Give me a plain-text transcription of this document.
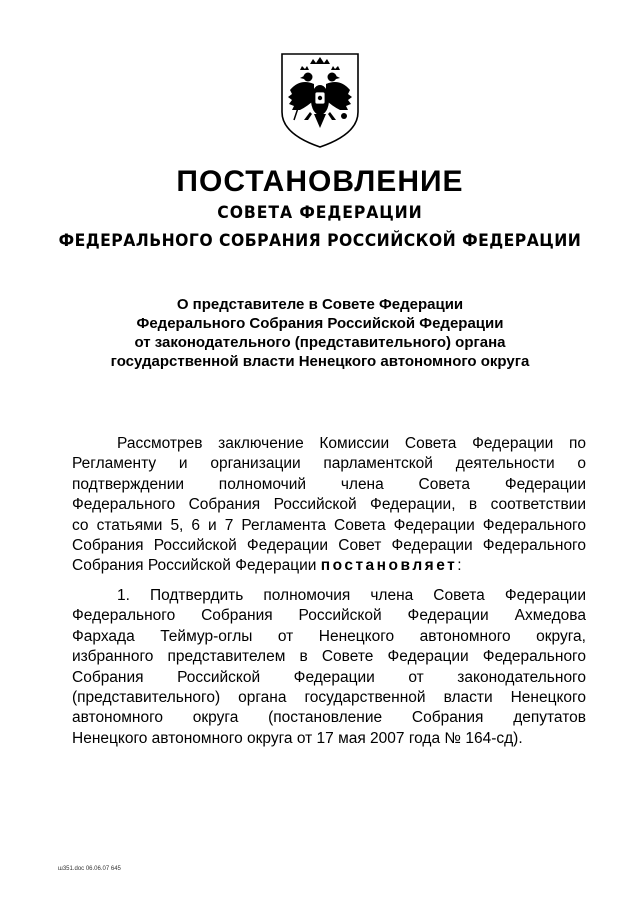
ПОСТАНОВЛЕНИЕ
СОВЕТА ФЕДЕРАЦИИ
ФЕДЕРАЛЬНОГО СОБРАНИЯ РОССИЙСКОЙ ФЕДЕРАЦИИ
О представителе в Совете Федерации
Федерального Собрания Российской Федерации
от законодательного (представительного) органа
государственной власти Ненецкого автономного округа
Рассмотрев заключение Комиссии Совета Федерации по
Регламенту и организации парламентской деятельности о
подтверждении полномочий члена Совета Федерации
Федерального Собрания Российской Федерации, в соответствии
со статьями 5, 6 и 7 Регламента Совета Федерации Федерального
Собрания Российской Федерации Совет Федерации Федерального
Собрания Российской Федерации постановляет:
1. Подтвердить полномочия члена Совета Федерации
Федерального Собрания Российской Федерации Ахмедова
Фархада Теймур-оглы от Ненецкого автономного округа,
избранного представителем в Совете Федерации Федерального
Собрания Российской Федерации от законодательного
(представительного) органа государственной власти Ненецкого
автономного округа (постановление Собрания депутатов
Ненецкого автономного округа от 17 мая 2007 года № 164-сд).
ш351.doc 06.06.07 645
